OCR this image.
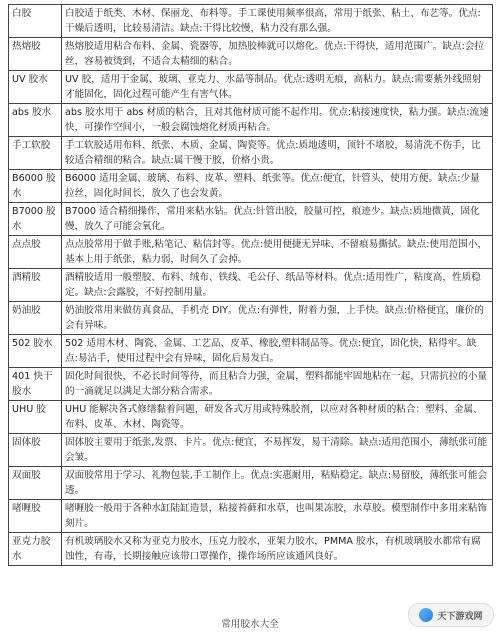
白胶	白胶适于纸类、木材、保丽龙、布料等。手工课使用频率很高，常用于纸张、粘土、布艺等。优点:干燥后透明，比较易清洁。缺点:干得比较慢，粘力没有那么强。
热熔胶	热熔胶适用粘合布料、金属、瓷器等，加热胶棒就可以熔化。优点:干得快，适用范围广。缺点:会拉丝，容易被烫到，不适合太精细的粘合。
UV 胶水	UV 胶，适用于金属、玻璃、亚克力、水晶等制品。优点:透明无痕，高粘力。缺点:需要紫外线照射才能固化，固化过程可能产生有害气体。
abs 胶水	abs 胶水用于 abs 材质的粘合，且对其他材质可能不起作用。优点:粘接速度快，粘力强。缺点:流速快，可操作空间小，一般会腐蚀熔化材质再粘合。
手工软胶	手工软胶适用布料、纸张、木质、金属、陶瓷等。优点:质地透明，顶针不堵胶，易清洗不伤手，比较适合精细的粘合。缺点:属干慢干胶，价格小贵。
B6000 胶水	B6000 适用金属、玻璃、布料、皮革、塑料、纸张等。优点:便宜，针管头，使用方便。缺点:少量拉丝，固化时间长，放久了也会发黄。
B7000 胶水	B7000 适合精细操作，常用来粘水钻。优点:针管出胶，胶量可控，痕迹少。缺点:质地微黄，固化慢，放久了可能会氧化。
点点胶	点点胶常用于做手账,粘笔记、粘信封等。优点:使用便捷无异味、不留痕易撕拭。缺点:使用范围小，基本上用于纸张，粘力弱，时间久了会掉。
酒精胶	酒精胶适用一般塑胶、布料、绒布、铁线、毛公仔、纸品等材料。优点:适用性广，粘度高，性质稳定。缺点:会露胶，不好控制用量。
奶油胶	奶油胶常用来做仿真食品，手机壳 DIY。优点:有弹性，附着力强，上手快。缺点:价格便宜，廉价的会有异味。
502 胶水	502 适用木材、陶瓷、金属、工艺品、皮革、橡胶,塑料制品等。优点:便宜，固化快，粘得牢。缺点:易沾手，使用过程中会有异味，固化后易发白。
401 快干胶水	固化时间很快，不必长时间等待，而且粘合力强，金属，塑料都能牢固地粘在一起，只需抗拉的小量的一滴就足以满足大部分粘合需求。
UHU 胶	UHU 能解决各式修缮黏着问题，研发各式万用或特殊胶剂，以应对各种材质的粘合：塑料、金属、布料、皮革、木材、陶瓷等。
固体胶	固体胶主要用于纸张,发票、卡片。优点:便宜，不易挥发，易干清除。缺点:适用范围小，薄纸张可能会皱。
双面胶	双面胶常用于学习、礼物包装,手工制作上。优点:实惠耐用，粘贴稳定。缺点:易留胶，薄纸张可能会透。
啫喱胶	啫喱胶一般用于各种水缸陆缸造景，粘接苔藓和水草，也叫果冻胶，水草胶。模型制作中多用来粘饰刻片。
亚克力胶水	有机玻璃胶水又称为亚克力胶水，压克力胶水，亚架力胶水，PMMA 胶水，有机玻璃胶水都常有腐蚀性，有毒，长期接触应该带口罩操作，操作场所应该通风良好。
常用胶水大全
天下游戏网
